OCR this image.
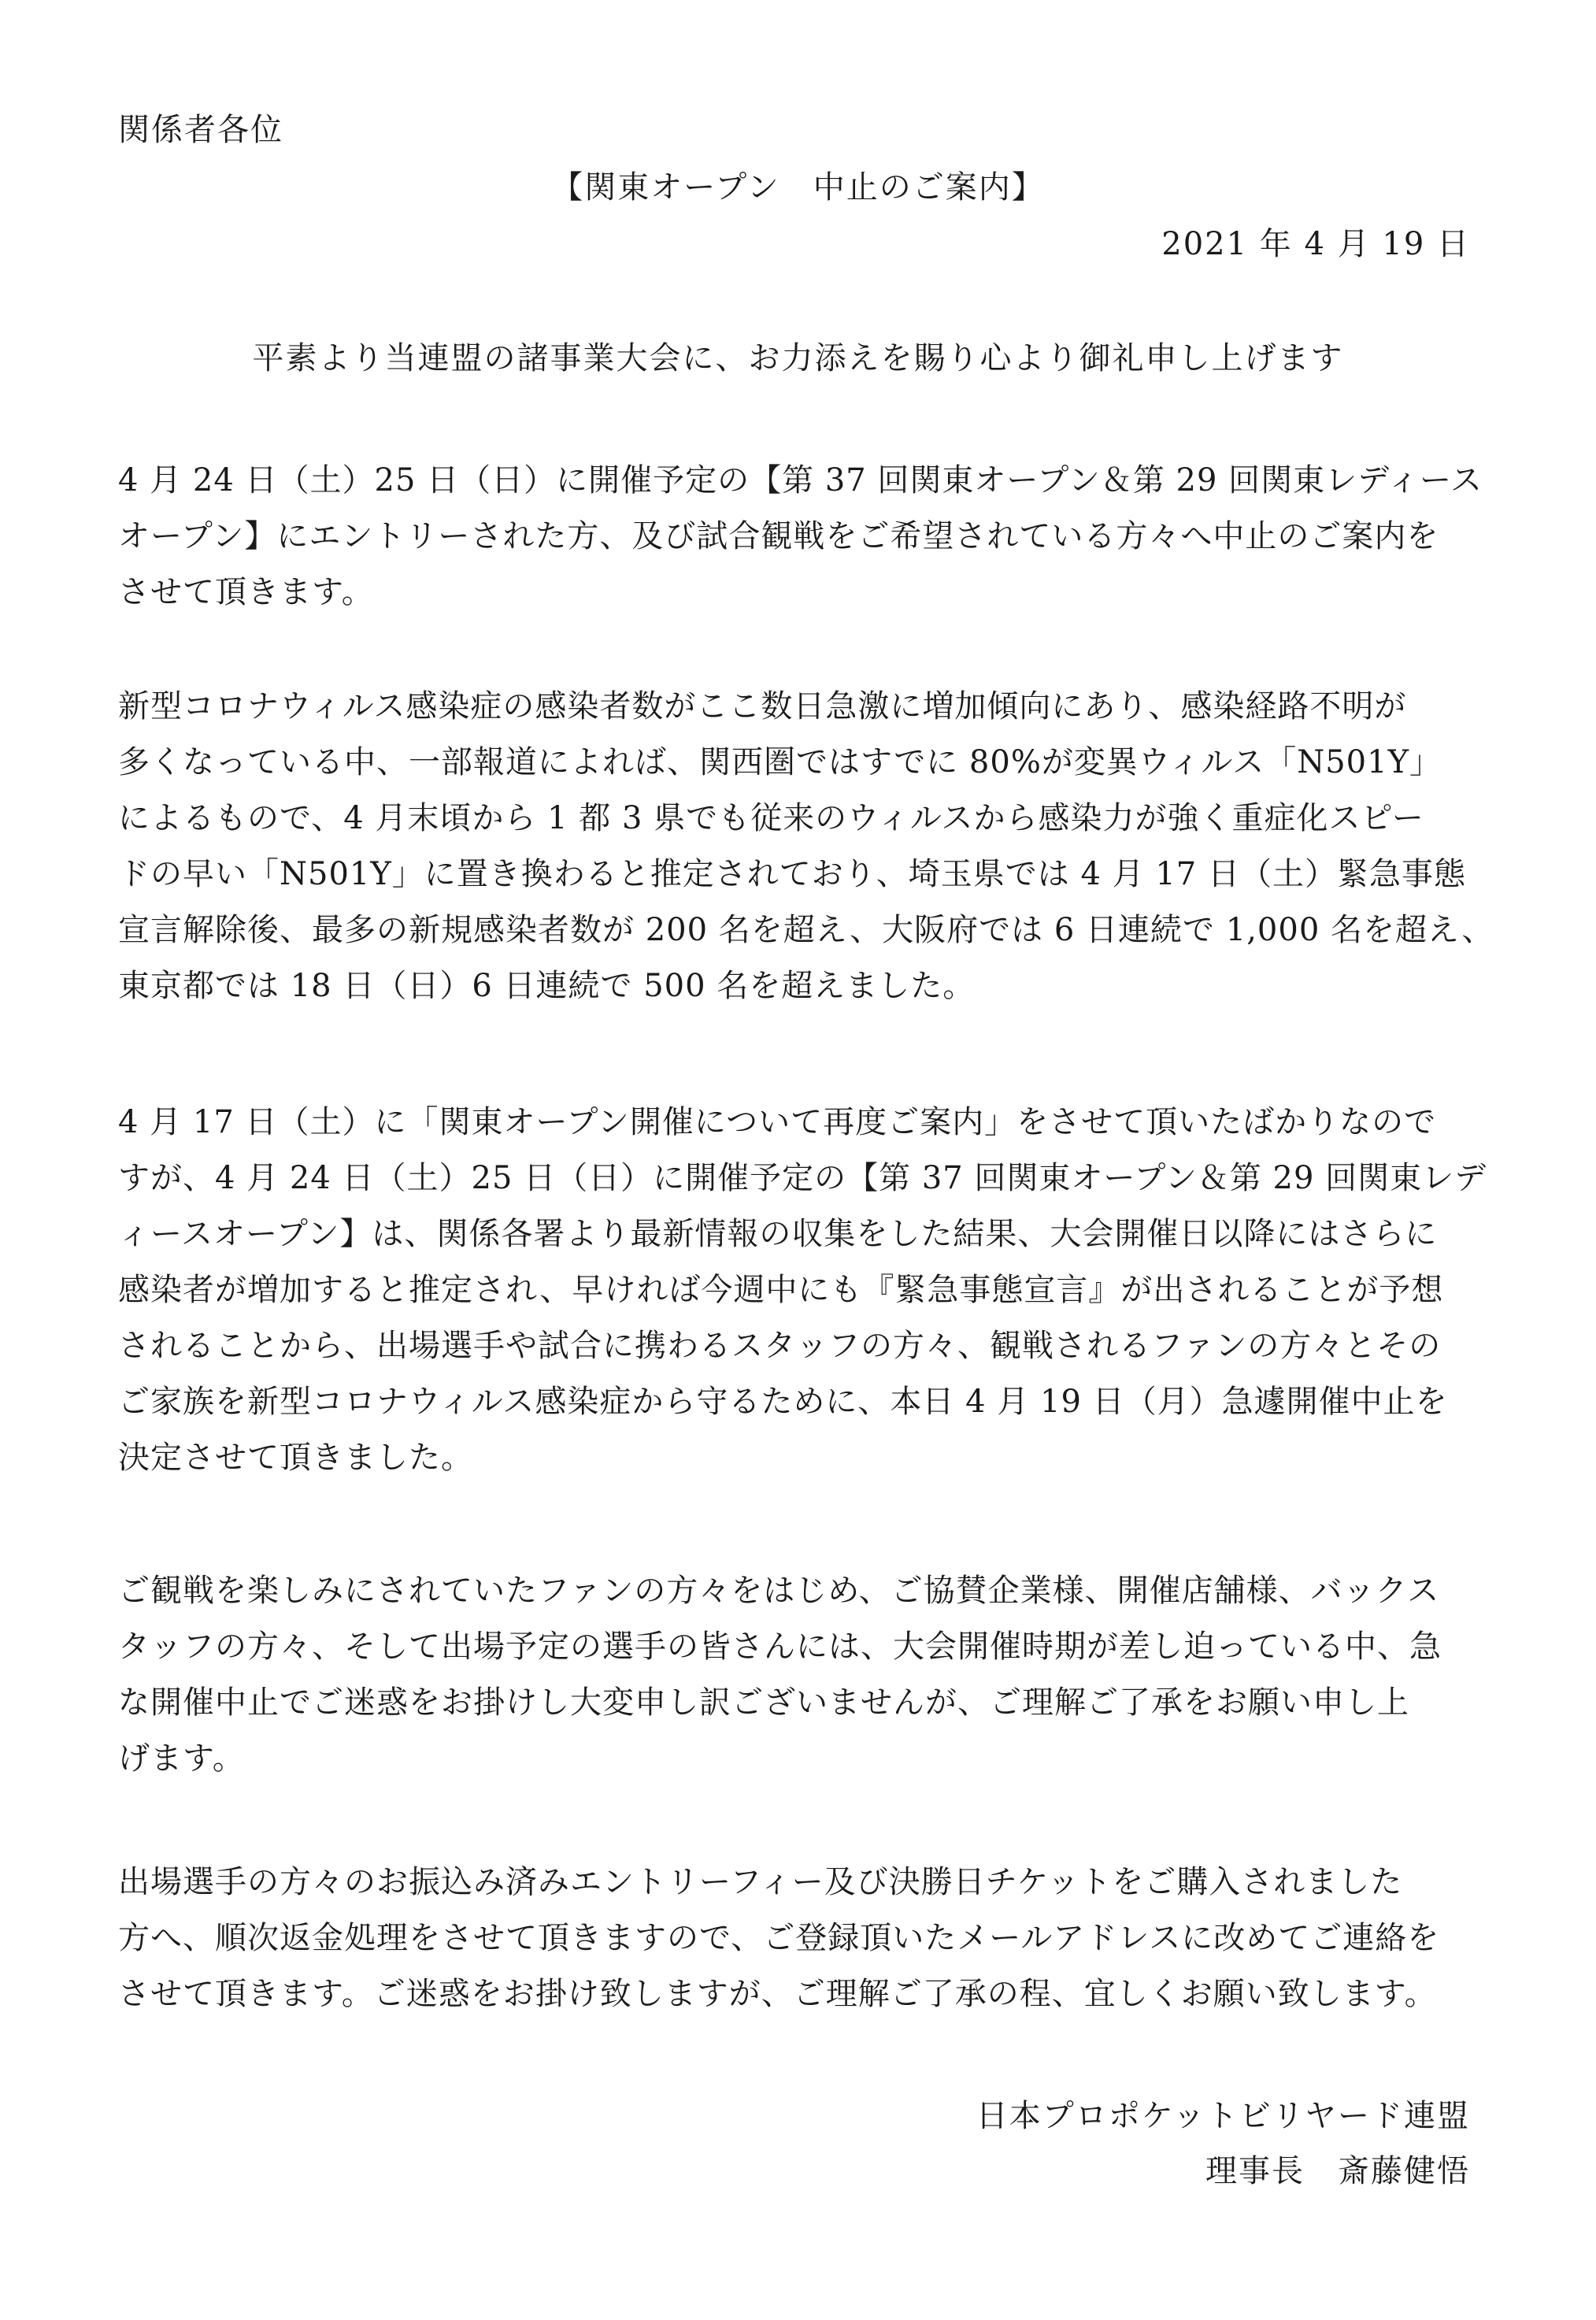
関係者各位
【関東オープン　中止のご案内】
2021 年 4 月 19 日
平素より当連盟の諸事業大会に、お力添えを賜り心より御礼申し上げます

4 月 24 日（土）25 日（日）に開催予定の【第 37 回関東オープン＆第 29 回関東レディース
オープン】にエントリーされた方、及び試合観戦をご希望されている方々へ中止のご案内を
させて頂きます。

新型コロナウィルス感染症の感染者数がここ数日急激に増加傾向にあり、感染経路不明が
多くなっている中、一部報道によれば、関西圏ではすでに 80%が変異ウィルス「N501Y」
によるもので、4 月末頃から 1 都 3 県でも従来のウィルスから感染力が強く重症化スピー
ドの早い「N501Y」に置き換わると推定されており、埼玉県では 4 月 17 日（土）緊急事態
宣言解除後、最多の新規感染者数が 200 名を超え、大阪府では 6 日連続で 1,000 名を超え、
東京都では 18 日（日）6 日連続で 500 名を超えました。

4 月 17 日（土）に「関東オープン開催について再度ご案内」をさせて頂いたばかりなので
すが、4 月 24 日（土）25 日（日）に開催予定の【第 37 回関東オープン＆第 29 回関東レデ
ィースオープン】は、関係各署より最新情報の収集をした結果、大会開催日以降にはさらに
感染者が増加すると推定され、早ければ今週中にも『緊急事態宣言』が出されることが予想
されることから、出場選手や試合に携わるスタッフの方々、観戦されるファンの方々とその
ご家族を新型コロナウィルス感染症から守るために、本日 4 月 19 日（月）急遽開催中止を
決定させて頂きました。

ご観戦を楽しみにされていたファンの方々をはじめ、ご協賛企業様、開催店舗様、バックス
タッフの方々、そして出場予定の選手の皆さんには、大会開催時期が差し迫っている中、急
な開催中止でご迷惑をお掛けし大変申し訳ございませんが、ご理解ご了承をお願い申し上
げます。

出場選手の方々のお振込み済みエントリーフィー及び決勝日チケットをご購入されました
方へ、順次返金処理をさせて頂きますので、ご登録頂いたメールアドレスに改めてご連絡を
させて頂きます。ご迷惑をお掛け致しますが、ご理解ご了承の程、宜しくお願い致します。

日本プロポケットビリヤード連盟
理事長　斎藤健悟
